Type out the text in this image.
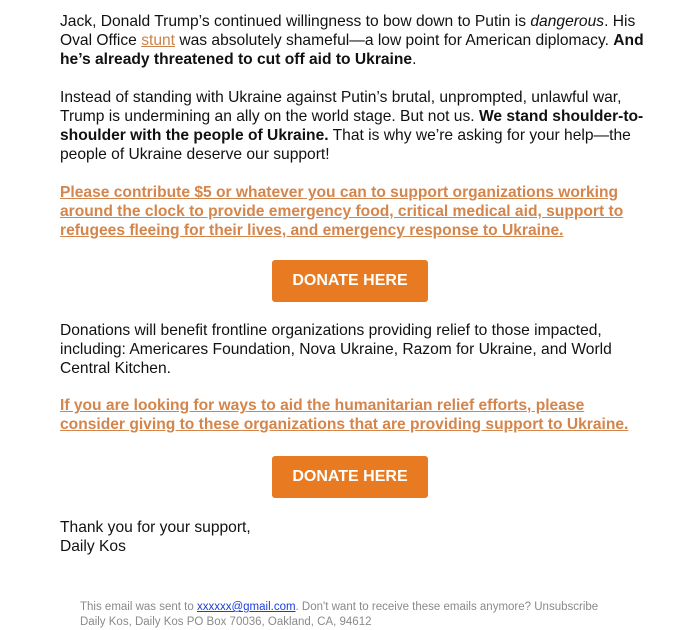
Jack, Donald Trump’s continued willingness to bow down to Putin is dangerous. His Oval Office stunt was absolutely shameful—a low point for American diplomacy. And he’s already threatened to cut off aid to Ukraine.

Instead of standing with Ukraine against Putin’s brutal, unprompted, unlawful war, Trump is undermining an ally on the world stage. But not us. We stand shoulder-to-shoulder with the people of Ukraine. That is why we’re asking for your help—the people of Ukraine deserve our support!

Please contribute $5 or whatever you can to support organizations working around the clock to provide emergency food, critical medical aid, support to refugees fleeing for their lives, and emergency response to Ukraine.
DONATE HERE

Donations will benefit frontline organizations providing relief to those impacted, including: Americares Foundation, Nova Ukraine, Razom for Ukraine, and World Central Kitchen.

If you are looking for ways to aid the humanitarian relief efforts, please consider giving to these organizations that are providing support to Ukraine.
DONATE HERE

Thank you for your support,

Daily Kos

This email was sent to xxxxxx@gmail.com. Don't want to receive these emails anymore? Unsubscribe
Daily Kos, Daily Kos PO Box 70036, Oakland, CA, 94612
